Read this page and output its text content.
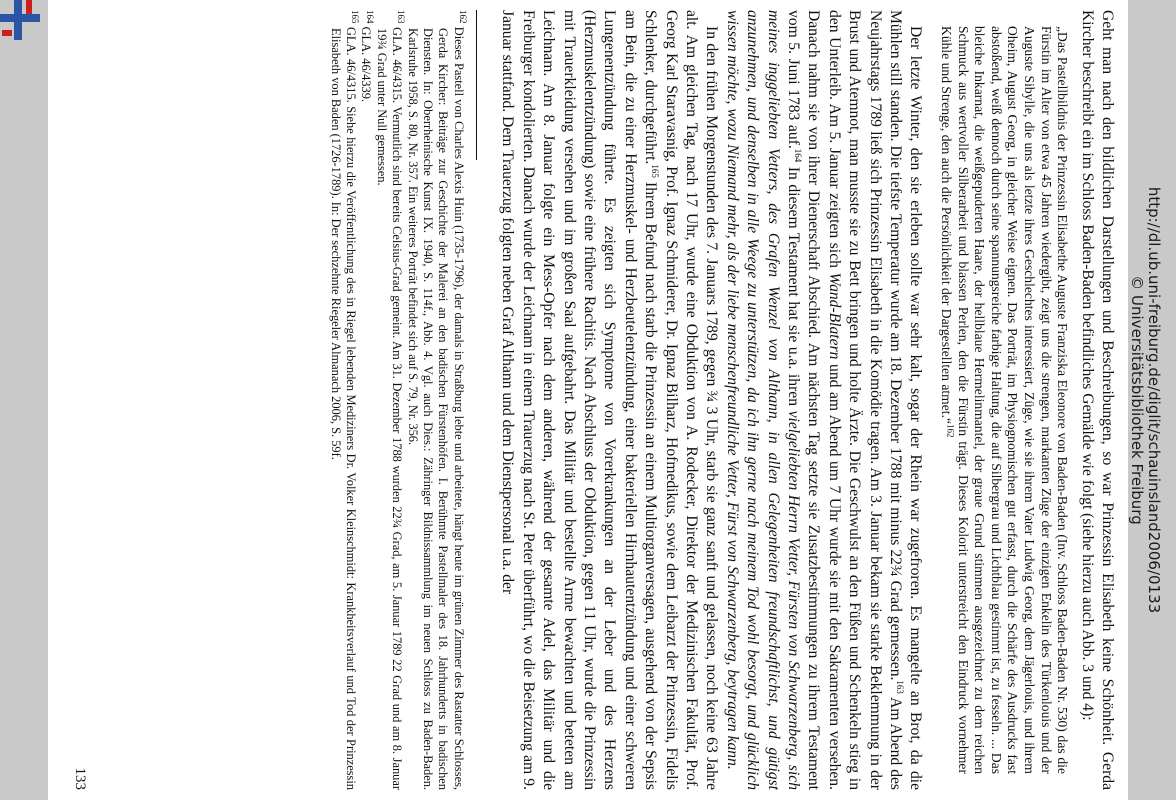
Geht man nach den bildlichen Darstellungen und Beschreibungen, so war Prinzessin Elisabeth keine Schönheit. Gerda Kircher beschreibt ein im Schloss Baden-Baden befindliches Gemälde wie folgt (siehe hierzu auch Abb. 3 und 4):

„Das Pastellbildnis der Prinzessin Elisabethe Auguste Franziska Eleonore von Baden-Baden (Inv. Schloss Baden-Baden Nr. 530) das die Fürstin im Alter von etwa 45 Jahren wiedergibt, zeigt uns die strengen, markanten Züge der einzigen Enkelin des Türkenlouis und der Auguste Sibylle, die uns als letzte ihres Geschlechtes interessiert, Züge, wie sie ihrem Vater Ludwig Georg, dem Jägerlouis, und ihrem Oheim, August Georg, in gleicher Weise eignen. Das Porträt, im Physiognomischen gut erfasst, durch die Schärfe des Ausdrucks fast abstoßend, weiß dennoch durch seine spannungsreiche farbige Haltung, die auf Silbergrau und Lichtblau gestimmt ist, zu fesseln. ... Das bleiche Inkarnat, die weißgepuderten Haare, der hellblaue Hermelinmantel, der graue Grund stimmen ausgezeichnet zu dem reichen Schmuck aus wertvoller Silberarbeit und blassen Perlen, den die Fürstin trägt. Dieses Kolorit unterstreicht den Eindruck vornehmer Kühle und Strenge, den auch die Persönlichkeit der Dargestellten atmet.“$^{162}$

Der letzte Winter, den sie erleben sollte war sehr kalt, sogar der Rhein war zugefroren. Es mangelte an Brot, da die Mühlen still standen. Die tiefste Temperatur wurde am 18. Dezember 1788 mit minus 22¾ Grad gemessen.$^{163}$ Am Abend des Neujahrstags 1789 ließ sich Prinzessin Elisabeth in die Komödie tragen. Am 3. Januar bekam sie starke Beklemmung in der Brust und Atemnot, man musste sie zu Bett bringen und holte Ärzte. Die Geschwulst an den Füßen und Schenkeln stieg in den Unterleib. Am 5. Januar zeigten sich Wand-Blatern und am Abend um 7 Uhr wurde sie mit den Sakramenten versehen. Danach nahm sie von ihrer Dienerschaft Abschied. Am nächsten Tag setzte sie Zusatzbestimmungen zu ihrem Testament vom 5. Juni 1783 auf.$^{164}$ In diesem Testament hat sie u.a. ihren vielgeliebten Herrn Vetter, Fürsten von Schwarzenberg, sich meines inggeliebten Vetters, des Grafen Wenzel von Althann, in allen Gelegenheiten freundschaftlichst, und gütigst anzunehmen, und denselben in alle Weege zu unterstützen, da ich ihn gerne nach meinem Tod wohl besorgt, und glücklich wissen möchte, wozu Niemand mehr, als der liebe menschenfreundliche Vetter, Fürst von Schwarzenberg, beytragen kann.

In den frühen Morgenstunden des 7. Januars 1789, gegen ¾ 3 Uhr, starb sie ganz sanft und gelassen, noch keine 63 Jahre alt. Am gleichen Tag, nach 17 Uhr, wurde eine Obduktion von A. Rodecker, Direktor der Medizinischen Fakultät, Prof. Georg Karl Staravasnig, Prof. Ignaz Schmiderer, Dr. Ignaz Bilharz, Hofmedikus, sowie dem Leibarzt der Prinzessin, Fidelis Schlenker, durchgeführt.$^{165}$ Ihrem Befund nach starb die Prinzessin an einem Multiorganversagen, ausgehend von der Sepsis am Bein, die zu einer Herzmuskel- und Herzbeutelentzündung, einer bakteriellen Hirnhautentzündung und einer schweren Lungenentzündung führte. Es zeigten sich Symptome von Vorerkrankungen an der Leber und des Herzens (Herzmuskelentzündung) sowie eine frühere Rachitis. Nach Abschluss der Obduktion, gegen 11 Uhr, wurde die Prinzessin mit Trauerkleidung versehen und im großen Saal aufgebahrt. Das Militär und bestellte Arme bewachten und beteten am Leichnam. Am 8. Januar folgte ein Mess-Opfer nach dem anderen, während der gesamte Adel, das Militär und die Freiburger kondolierten. Danach wurde der Leichnam in einem Trauerzug nach St. Peter überführt, wo die Beisetzung am 9. Januar stattfand. Dem Trauerzug folgten neben Graf Althann und dem Dienstpersonal u.a. der

$^{162}$ Dieses Pastell von Charles Alexis Huin (1735-1796), der damals in Straßburg lebte und arbeitete, hängt heute im grünen Zimmer des Rastatter Schlosses, Gerda Kircher: Beiträge zur Geschichte der Malerei an den badischen Fürstenhöfen. I. Berühmte Pastellmaler des 18. Jahrhunderts in badischen Diensten. In: Oberrheinische Kunst IX. 1940, S. 114f., Abb. 4. Vgl. auch Dies.: Zähringer Bildnissammlung im neuen Schloss zu Baden-Baden. Karlsruhe 1958, S. 80, Nr. 357. Ein weiteres Porträt befindet sich auf S. 79, Nr. 356.

$^{163}$ GLA. 46/4315. Vermutlich sind bereits Celsius-Grad gemeint. Am 31. Dezember 1788 wurden 22¾ Grad, am 5. Januar 1789 22 Grad und am 8. Januar 19¾ Grad unter Null gemessen.

$^{164}$ GLA. 46/4339.

$^{165}$ GLA. 46/4315. Siehe hierzu die Veröffentlichung des in Riegel lebenden Mediziners Dr. Volker Kleinschmidt: Krankheitsverlauf und Tod der Prinzessin Elisabeth von Baden (1726-1789). In: Der sechzehnte Riegeler Almanach 2006, S. 59f.

133
http://dl.ub.uni-freiburg.de/diglit/schauinsland2006/0133
© Universitätsbibliothek Freiburg
